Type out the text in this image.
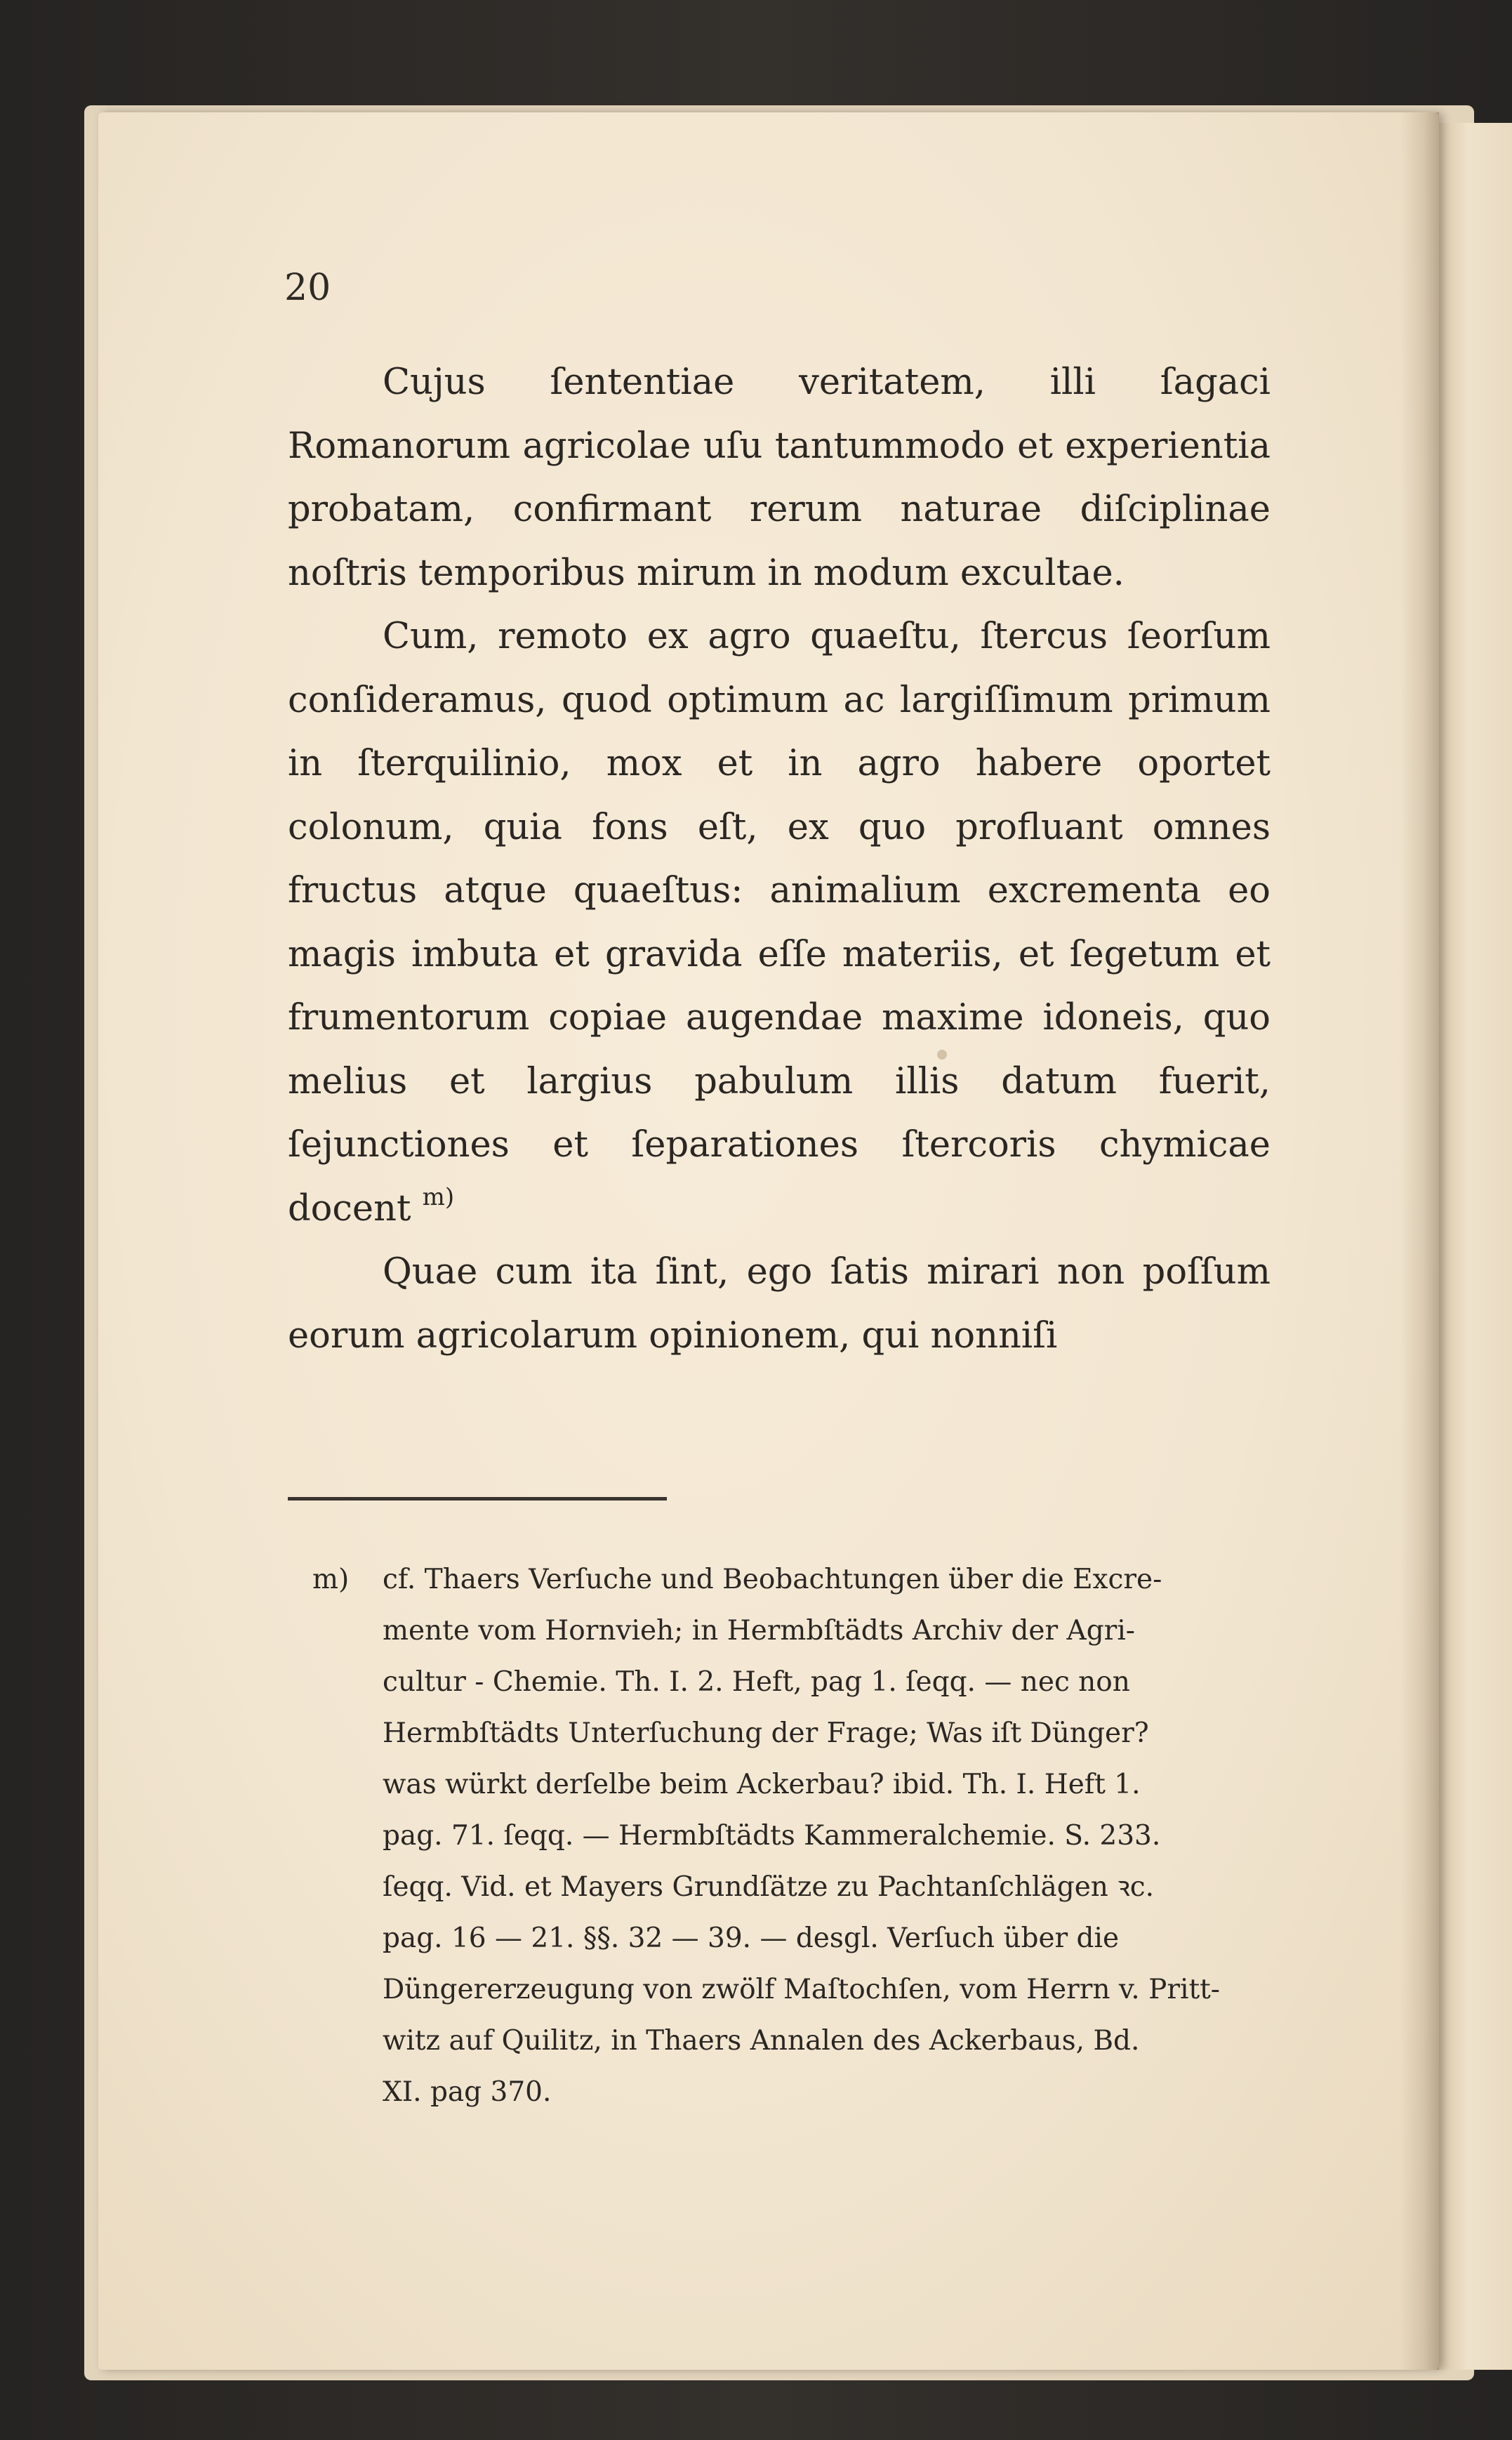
20

Cujus ſententiae veritatem, illi ſagaci Romanorum agricolae uſu tantummodo et experientia probatam, confirmant rerum naturae diſciplinae noſtris temporibus mirum in modum excultae.

Cum, remoto ex agro quaeſtu, ſtercus ſeorſum conſideramus, quod optimum ac largiſſimum primum in ſterquilinio, mox et in agro habere oportet colonum, quia fons eſt, ex quo profluant omnes fructus atque quaeſtus: animalium excrementa eo magis imbuta et gravida eſſe materiis, et ſegetum et frumentorum copiae augendae maxime idoneis, quo melius et largius pabulum illis datum fuerit, ſejunctiones et ſeparationes ſtercoris chymicae docent $^{m)}$

Quae cum ita ſint, ego ſatis mirari non poſſum eorum agricolarum opinionem, qui nonniſi

m) cf. Thaers Verſuche und Beobachtungen über die Excre-
mente vom Hornvieh; in Hermbſtädts Archiv der Agri-
cultur - Chemie. Th. I. 2. Heft, pag 1. ſeqq. — nec non
Hermbſtädts Unterſuchung der Frage; Was iſt Dünger?
was würkt derſelbe beim Ackerbau? ibid. Th. I. Heft 1.
pag. 71. ſeqq. — Hermbſtädts Kammeralchemie. S. 233.
ſeqq. Vid. et Mayers Grundſätze zu Pachtanſchlägen ꝛc.
pag. 16 — 21. §§. 32 — 39. — desgl. Verſuch über die
Düngererzeugung von zwölf Maſtochſen, vom Herrn v. Pritt-
witz auf Quilitz, in Thaers Annalen des Ackerbaus, Bd.
XI. pag 370.
